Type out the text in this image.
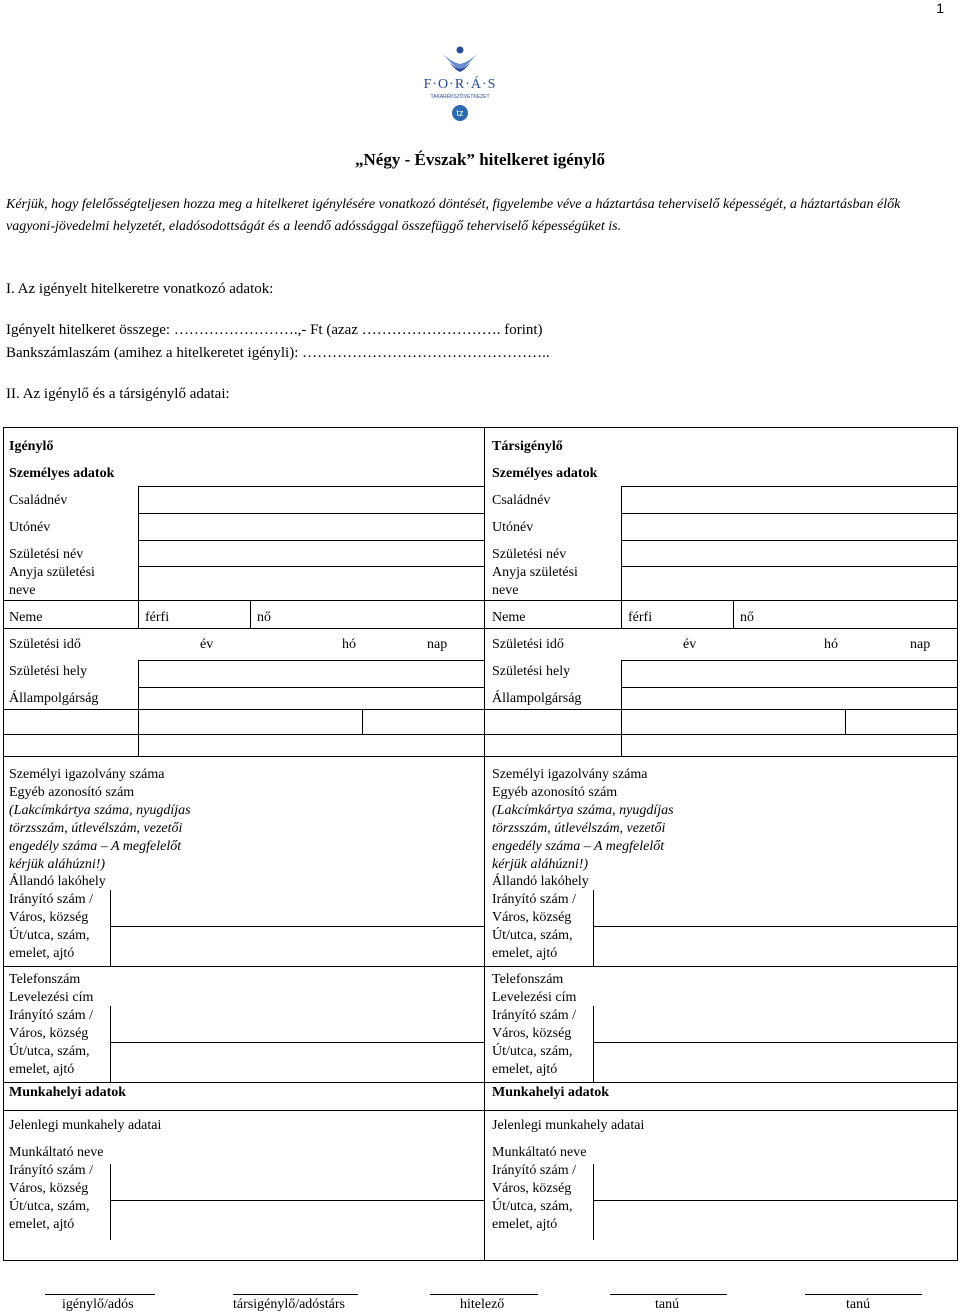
1
F·O·R·Á·S
TAKARÉKSZÖVETKEZET
tz
„Négy - Évszak” hitelkeret igénylő
Kérjük, hogy felelősségteljesen hozza meg a hitelkeret igénylésére vonatkozó döntését, figyelembe véve a háztartása teherviselő képességét, a háztartásban élők vagyoni-jövedelmi helyzetét, eladósodottságát és a leendő adóssággal összefüggő teherviselő képességüket is.
I. Az igényelt hitelkeretre vonatkozó adatok:
Igényelt hitelkeret összege: …………………….,- Ft (azaz ………………………. forint)
Bankszámlaszám (amihez a hitelkeretet igényli): …………………………………………..
II. Az igénylő és a társigénylő adatai:
Igénylő
Személyes adatok
Családnév
Utónév
Születési név
Anyja születési
neve
Neme	férfi	nő
Születési idő	év	hó	nap
Születési hely
Állampolgárság
Személyi igazolvány száma
Egyéb azonosító szám
(Lakcímkártya száma, nyugdíjas
törzsszám, útlevélszám, vezetői
engedély száma – A megfelelőt
kérjük aláhúzni!)
Állandó lakóhely
Irányító szám /
Város, község
Út/utca, szám,
emelet, ajtó
Telefonszám
Levelezési cím
Irányító szám /
Város, község
Út/utca, szám,
emelet, ajtó
Munkahelyi adatok
Jelenlegi munkahely adatai
Munkáltató neve
Irányító szám /
Város, község
Út/utca, szám,
emelet, ajtó
Társigénylő
Személyes adatok
Családnév
Utónév
Születési név
Anyja születési
neve
Neme	férfi	nő
Születési idő	év	hó	nap
Születési hely
Állampolgárság
Személyi igazolvány száma
Egyéb azonosító szám
(Lakcímkártya száma, nyugdíjas
törzsszám, útlevélszám, vezetői
engedély száma – A megfelelőt
kérjük aláhúzni!)
Állandó lakóhely
Irányító szám /
Város, község
Út/utca, szám,
emelet, ajtó
Telefonszám
Levelezési cím
Irányító szám /
Város, község
Út/utca, szám,
emelet, ajtó
Munkahelyi adatok
Jelenlegi munkahely adatai
Munkáltató neve
Irányító szám /
Város, község
Út/utca, szám,
emelet, ajtó
igénylő/adós	társigénylő/adóstárs	hitelező	tanú	tanú
